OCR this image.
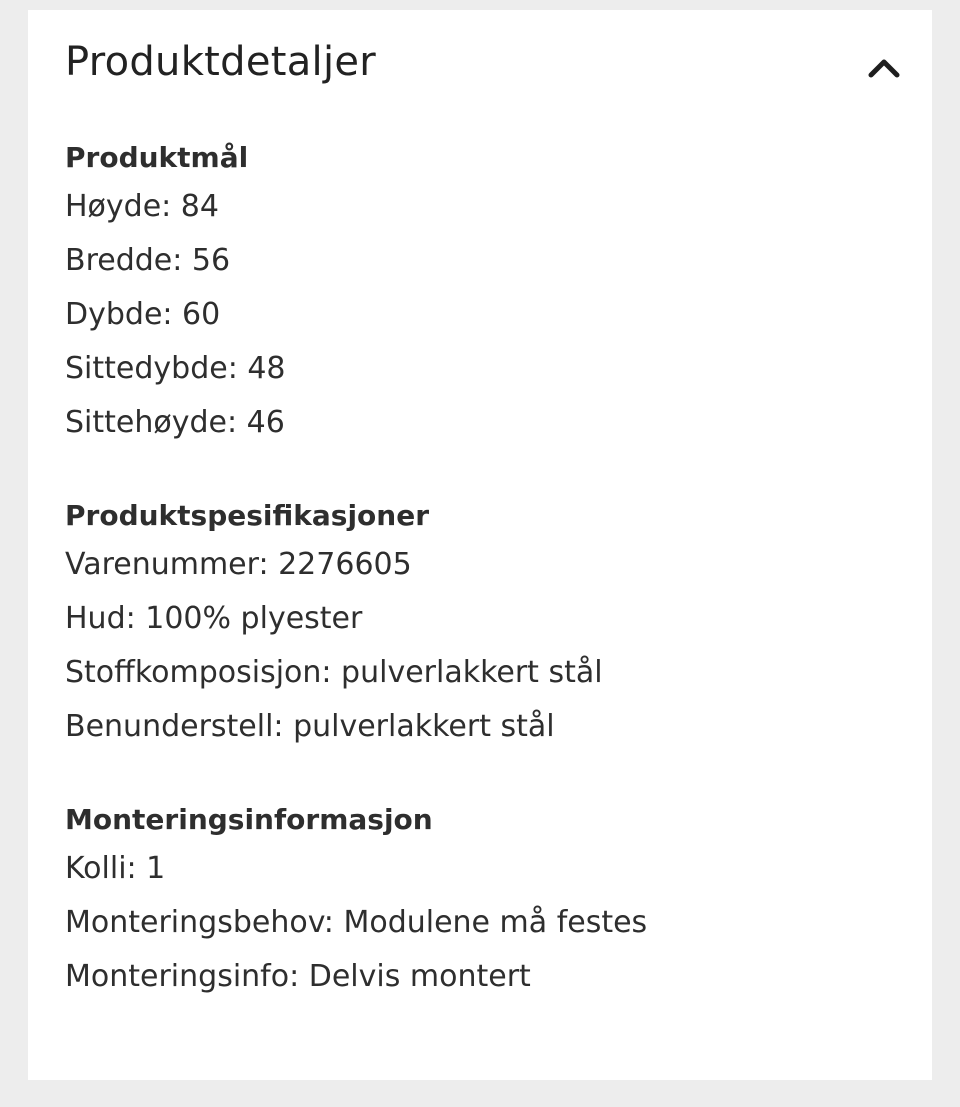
Produktdetaljer
Produktmål
Høyde: 84
Bredde: 56
Dybde: 60
Sittedybde: 48
Sittehøyde: 46
Produktspesifikasjoner
Varenummer: 2276605
Hud: 100% plyester
Stoffkomposisjon: pulverlakkert stål
Benunderstell: pulverlakkert stål
Monteringsinformasjon
Kolli: 1
Monteringsbehov: Modulene må festes
Monteringsinfo: Delvis montert
